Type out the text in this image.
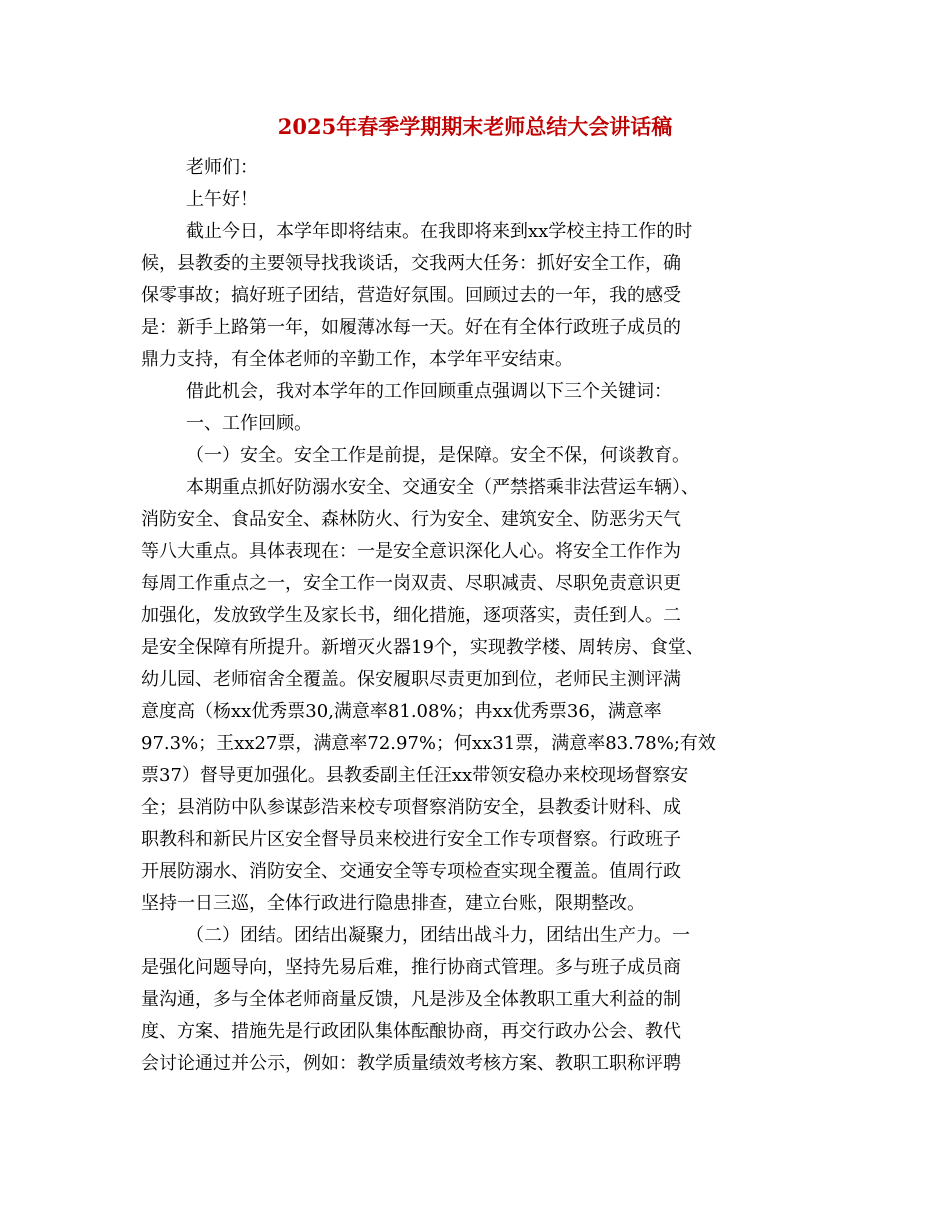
2025年春季学期期末老师总结大会讲话稿
老师们：
上午好！
截止今日，本学年即将结束。在我即将来到xx学校主持工作的时
候，县教委的主要领导找我谈话，交我两大任务：抓好安全工作，确
保零事故；搞好班子团结，营造好氛围。回顾过去的一年，我的感受
是：新手上路第一年，如履薄冰每一天。好在有全体行政班子成员的
鼎力支持，有全体老师的辛勤工作，本学年平安结束。
借此机会，我对本学年的工作回顾重点强调以下三个关键词：
一、工作回顾。
（一）安全。安全工作是前提，是保障。安全不保，何谈教育。
本期重点抓好防溺水安全、交通安全（严禁搭乘非法营运车辆）、
消防安全、食品安全、森林防火、行为安全、建筑安全、防恶劣天气
等八大重点。具体表现在：一是安全意识深化人心。将安全工作作为
每周工作重点之一，安全工作一岗双责、尽职减责、尽职免责意识更
加强化，发放致学生及家长书，细化措施，逐项落实，责任到人。二
是安全保障有所提升。新增灭火器19个，实现教学楼、周转房、食堂、
幼儿园、老师宿舍全覆盖。保安履职尽责更加到位，老师民主测评满
意度高（杨xx优秀票30,满意率81.08%；冉xx优秀票36，满意率
97.3%；王xx27票，满意率72.97%；何xx31票，满意率83.78%;有效
票37）督导更加强化。县教委副主任汪xx带领安稳办来校现场督察安
全；县消防中队参谋彭浩来校专项督察消防安全，县教委计财科、成
职教科和新民片区安全督导员来校进行安全工作专项督察。行政班子
开展防溺水、消防安全、交通安全等专项检查实现全覆盖。值周行政
坚持一日三巡，全体行政进行隐患排查，建立台账，限期整改。
（二）团结。团结出凝聚力，团结出战斗力，团结出生产力。一
是强化问题导向，坚持先易后难，推行协商式管理。多与班子成员商
量沟通，多与全体老师商量反馈，凡是涉及全体教职工重大利益的制
度、方案、措施先是行政团队集体酝酿协商，再交行政办公会、教代
会讨论通过并公示，例如：教学质量绩效考核方案、教职工职称评聘
